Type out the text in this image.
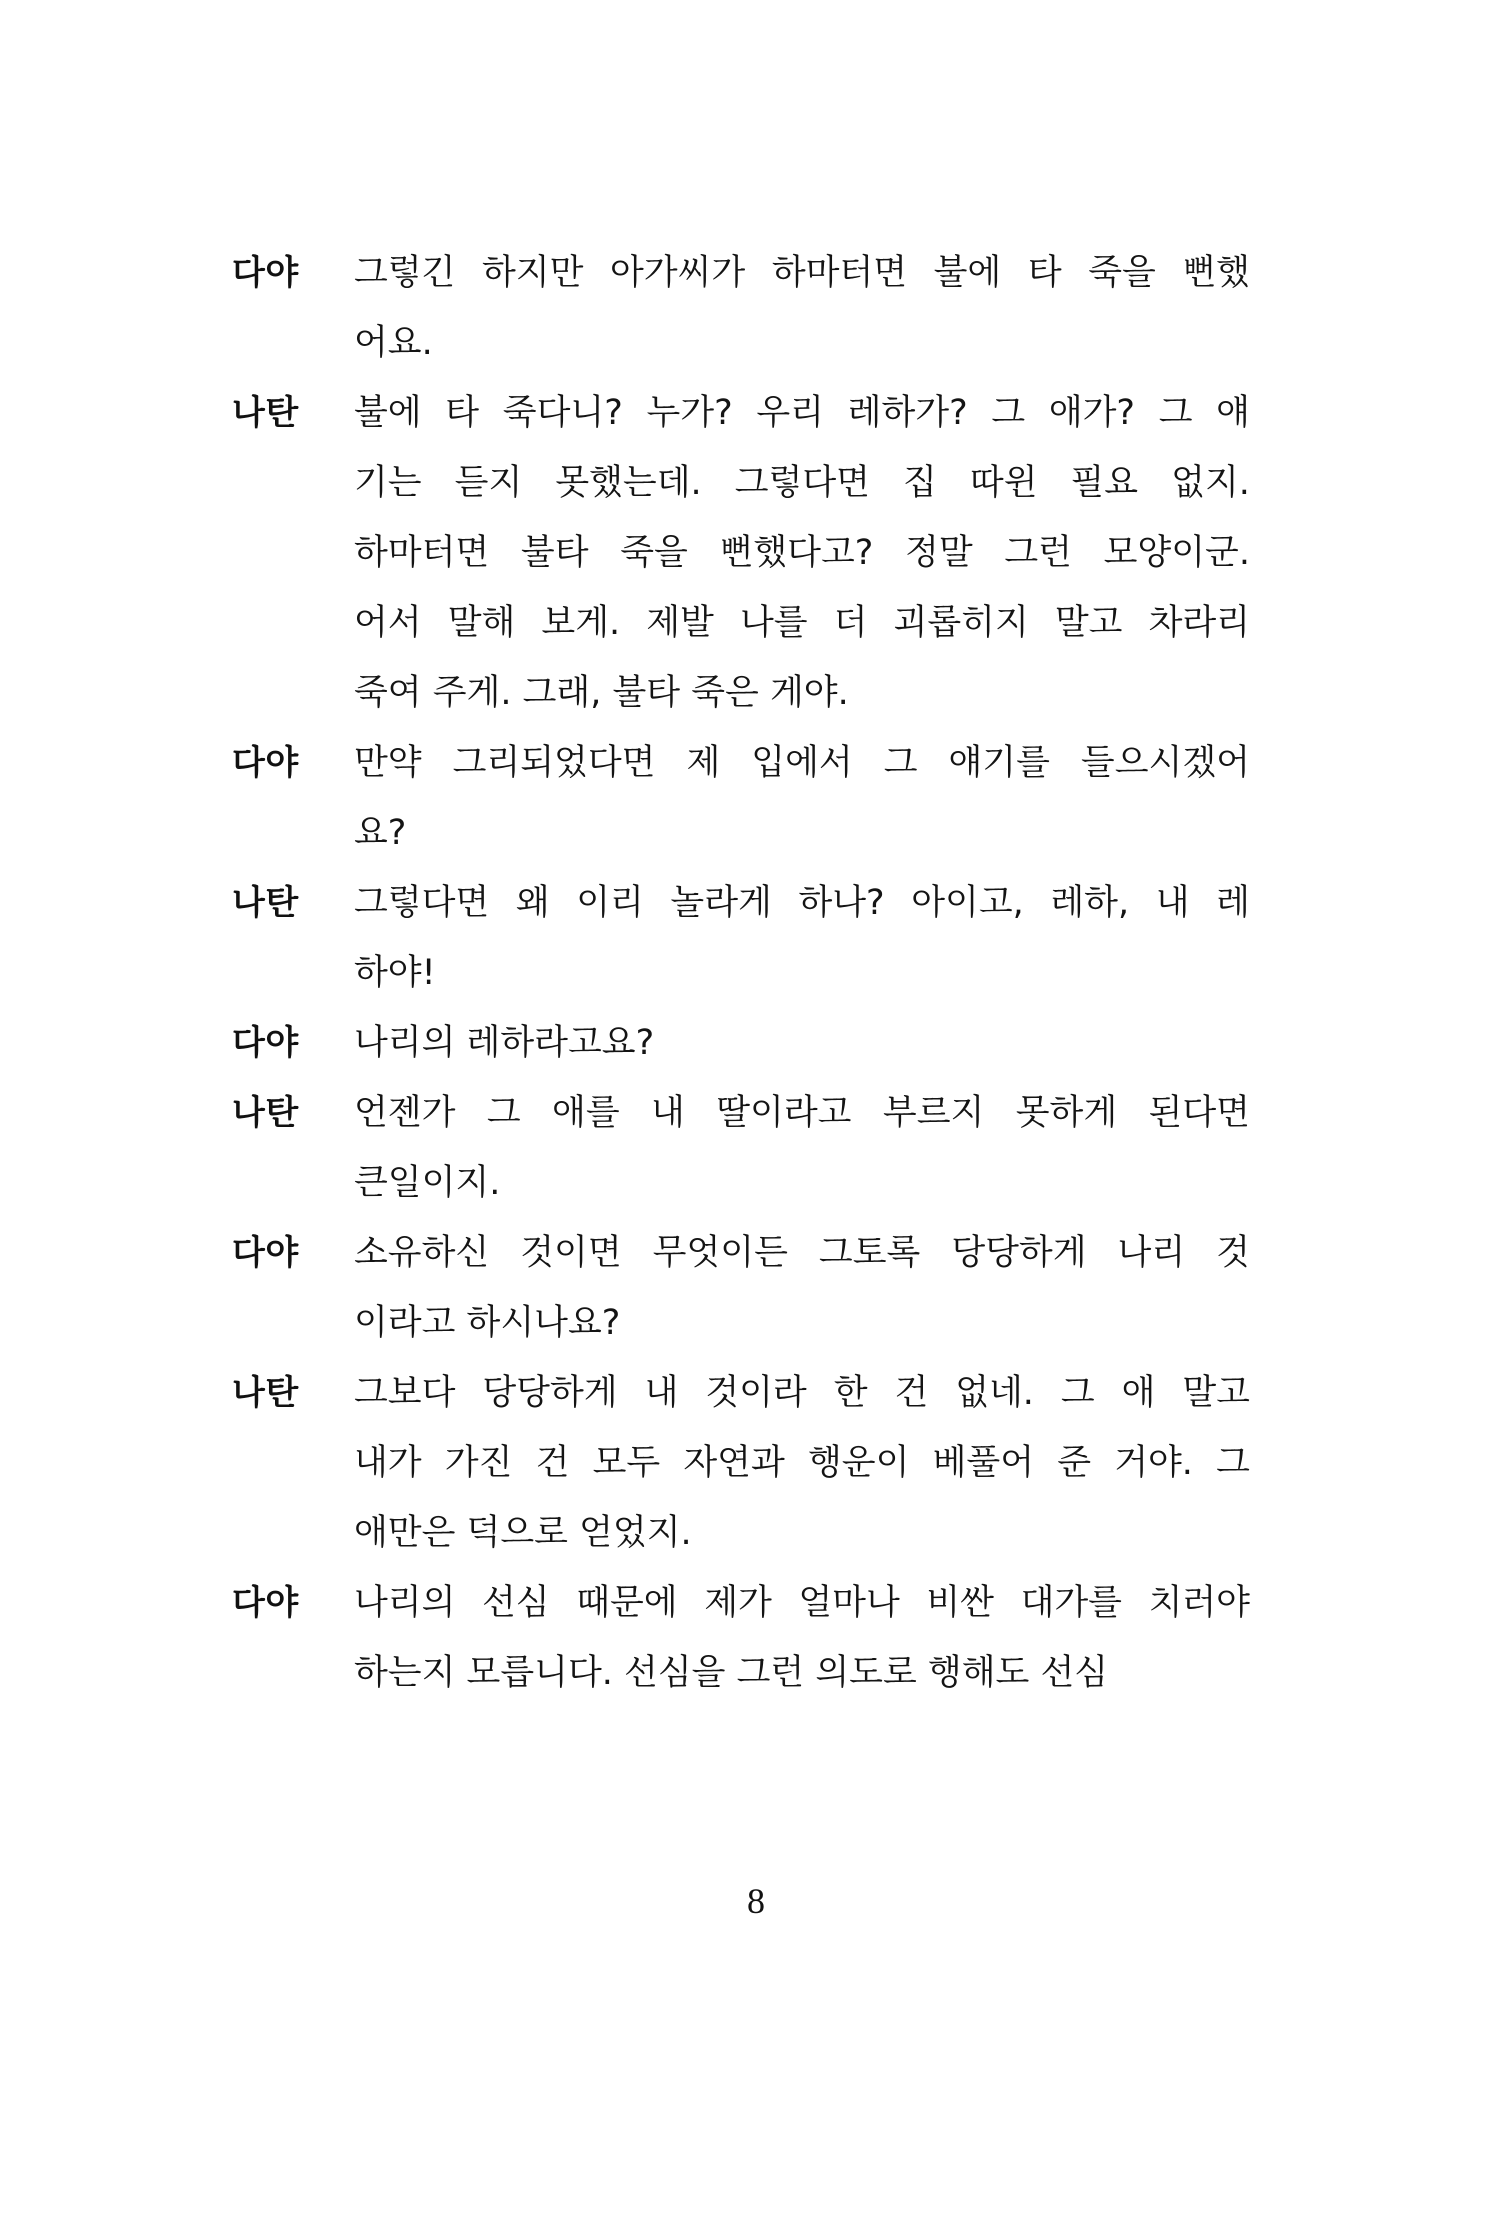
다야	그렇긴 하지만 아가씨가 하마터면 불에 타 죽을 뻔했
어요.
나탄	불에 타 죽다니? 누가? 우리 레하가? 그 애가? 그 얘
기는 듣지 못했는데. 그렇다면 집 따윈 필요 없지.
하마터면 불타 죽을 뻔했다고? 정말 그런 모양이군.
어서 말해 보게. 제발 나를 더 괴롭히지 말고 차라리
죽여 주게. 그래, 불타 죽은 게야.
다야	만약 그리되었다면 제 입에서 그 얘기를 들으시겠어
요?
나탄	그렇다면 왜 이리 놀라게 하나? 아이고, 레하, 내 레
하야!
다야	나리의 레하라고요?
나탄	언젠가 그 애를 내 딸이라고 부르지 못하게 된다면
큰일이지.
다야	소유하신 것이면 무엇이든 그토록 당당하게 나리 것
이라고 하시나요?
나탄	그보다 당당하게 내 것이라 한 건 없네. 그 애 말고
내가 가진 건 모두 자연과 행운이 베풀어 준 거야. 그
애만은 덕으로 얻었지.
다야	나리의 선심 때문에 제가 얼마나 비싼 대가를 치러야
하는지 모릅니다. 선심을 그런 의도로 행해도 선심
8
